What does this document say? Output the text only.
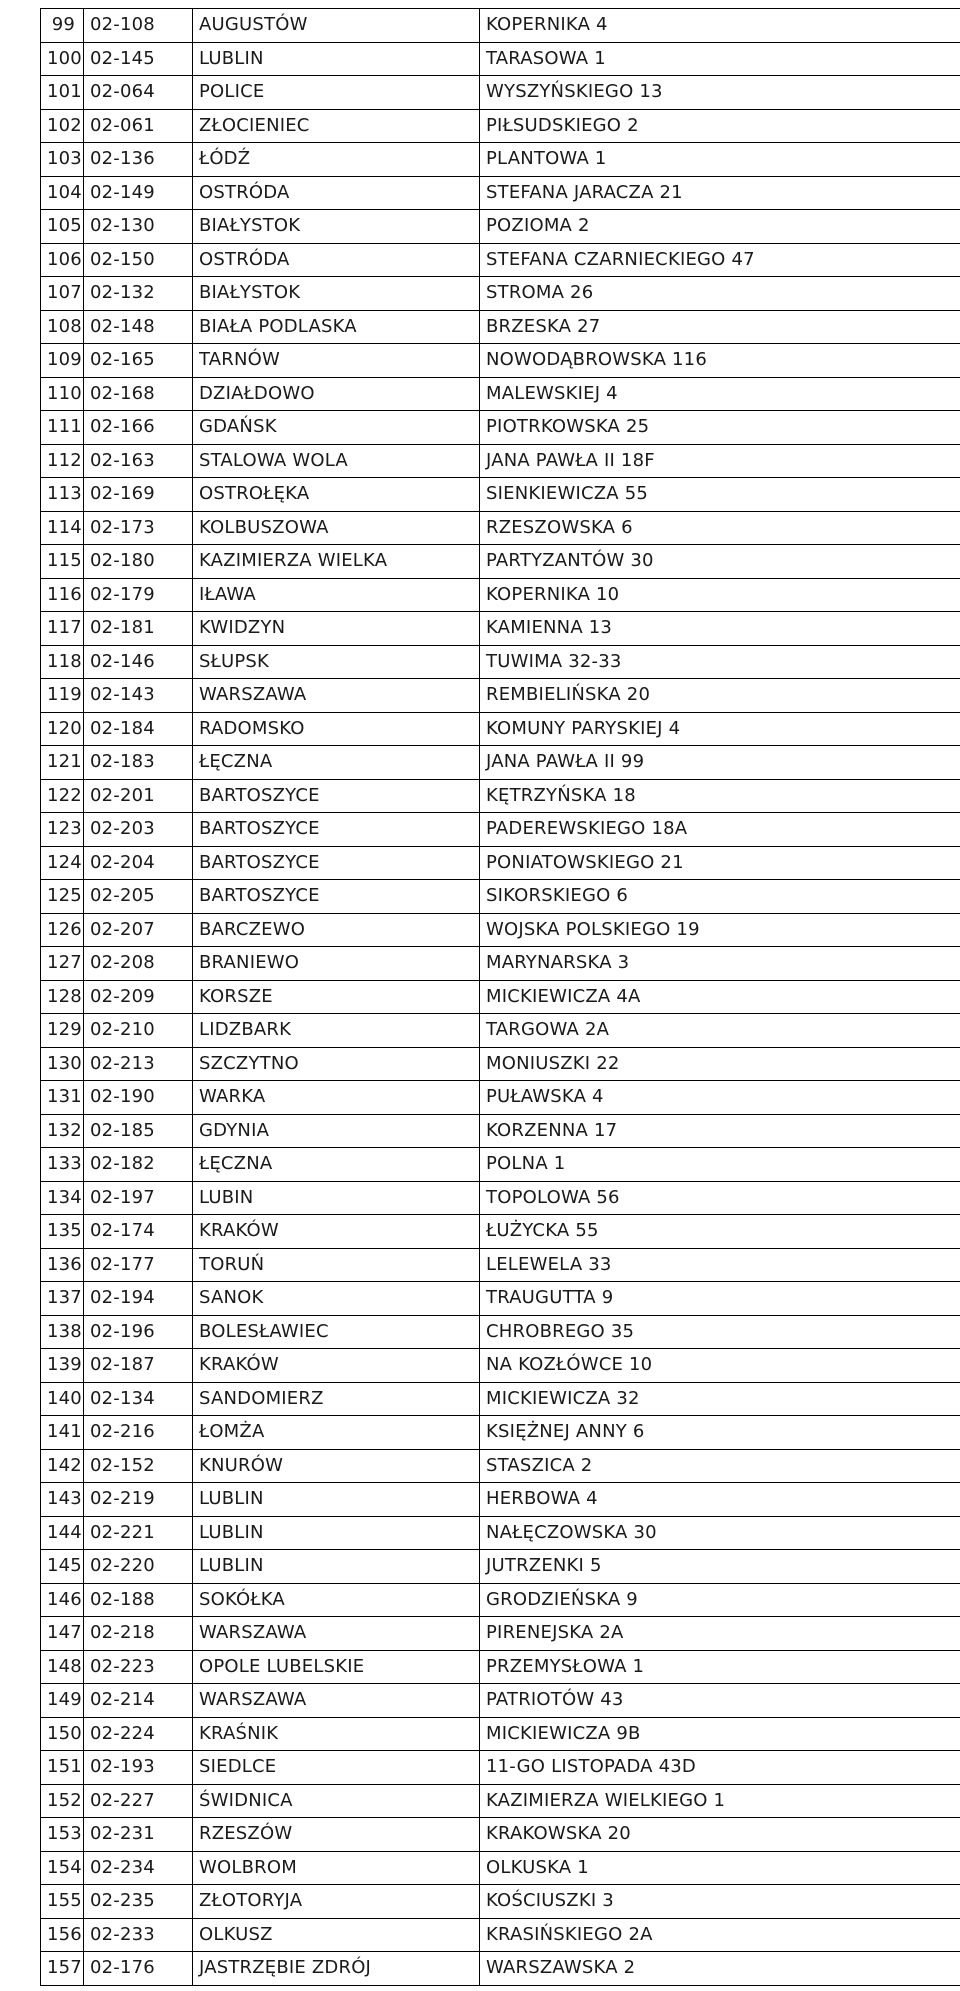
99	02-108	AUGUSTÓW	KOPERNIKA 4
100	02-145	LUBLIN	TARASOWA 1
101	02-064	POLICE	WYSZYŃSKIEGO 13
102	02-061	ZŁOCIENIEC	PIŁSUDSKIEGO 2
103	02-136	ŁÓDŹ	PLANTOWA 1
104	02-149	OSTRÓDA	STEFANA JARACZA 21
105	02-130	BIAŁYSTOK	POZIOMA 2
106	02-150	OSTRÓDA	STEFANA CZARNIECKIEGO 47
107	02-132	BIAŁYSTOK	STROMA 26
108	02-148	BIAŁA PODLASKA	BRZESKA 27
109	02-165	TARNÓW	NOWODĄBROWSKA 116
110	02-168	DZIAŁDOWO	MALEWSKIEJ 4
111	02-166	GDAŃSK	PIOTRKOWSKA 25
112	02-163	STALOWA WOLA	JANA PAWŁA II 18F
113	02-169	OSTROŁĘKA	SIENKIEWICZA 55
114	02-173	KOLBUSZOWA	RZESZOWSKA 6
115	02-180	KAZIMIERZA WIELKA	PARTYZANTÓW 30
116	02-179	IŁAWA	KOPERNIKA 10
117	02-181	KWIDZYN	KAMIENNA 13
118	02-146	SŁUPSK	TUWIMA 32-33
119	02-143	WARSZAWA	REMBIELIŃSKA 20
120	02-184	RADOMSKO	KOMUNY PARYSKIEJ 4
121	02-183	ŁĘCZNA	JANA PAWŁA II 99
122	02-201	BARTOSZYCE	KĘTRZYŃSKA 18
123	02-203	BARTOSZYCE	PADEREWSKIEGO 18A
124	02-204	BARTOSZYCE	PONIATOWSKIEGO 21
125	02-205	BARTOSZYCE	SIKORSKIEGO 6
126	02-207	BARCZEWO	WOJSKA POLSKIEGO 19
127	02-208	BRANIEWO	MARYNARSKA 3
128	02-209	KORSZE	MICKIEWICZA 4A
129	02-210	LIDZBARK	TARGOWA 2A
130	02-213	SZCZYTNO	MONIUSZKI 22
131	02-190	WARKA	PUŁAWSKA 4
132	02-185	GDYNIA	KORZENNA 17
133	02-182	ŁĘCZNA	POLNA 1
134	02-197	LUBIN	TOPOLOWA 56
135	02-174	KRAKÓW	ŁUŻYCKA 55
136	02-177	TORUŃ	LELEWELA 33
137	02-194	SANOK	TRAUGUTTA 9
138	02-196	BOLESŁAWIEC	CHROBREGO 35
139	02-187	KRAKÓW	NA KOZŁÓWCE 10
140	02-134	SANDOMIERZ	MICKIEWICZA 32
141	02-216	ŁOMŻA	KSIĘŻNEJ ANNY 6
142	02-152	KNURÓW	STASZICA 2
143	02-219	LUBLIN	HERBOWA 4
144	02-221	LUBLIN	NAŁĘCZOWSKA 30
145	02-220	LUBLIN	JUTRZENKI 5
146	02-188	SOKÓŁKA	GRODZIEŃSKA 9
147	02-218	WARSZAWA	PIRENEJSKA 2A
148	02-223	OPOLE LUBELSKIE	PRZEMYSŁOWA 1
149	02-214	WARSZAWA	PATRIOTÓW 43
150	02-224	KRAŚNIK	MICKIEWICZA 9B
151	02-193	SIEDLCE	11-GO LISTOPADA 43D
152	02-227	ŚWIDNICA	KAZIMIERZA WIELKIEGO 1
153	02-231	RZESZÓW	KRAKOWSKA 20
154	02-234	WOLBROM	OLKUSKA 1
155	02-235	ZŁOTORYJA	KOŚCIUSZKI 3
156	02-233	OLKUSZ	KRASIŃSKIEGO 2A
157	02-176	JASTRZĘBIE ZDRÓJ	WARSZAWSKA 2
